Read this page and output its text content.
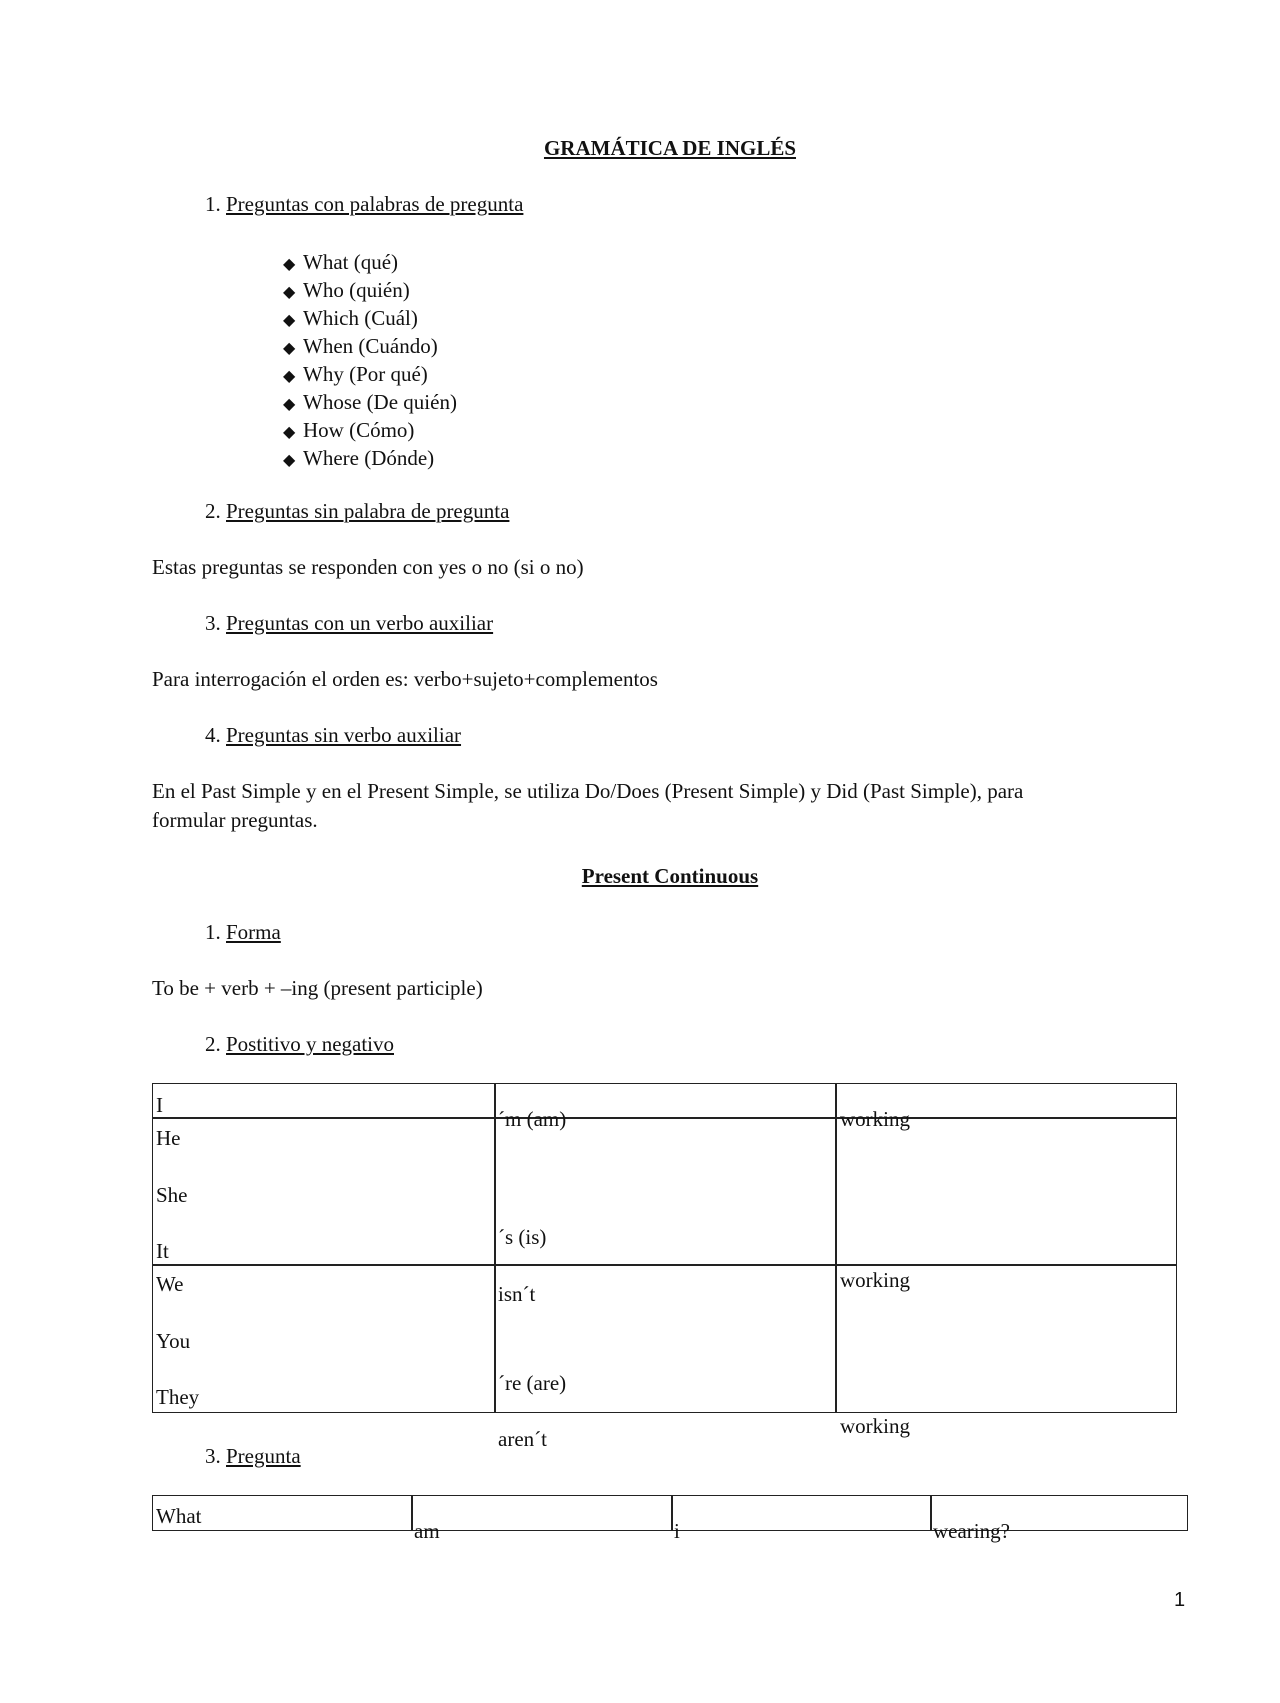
GRAMÁTICA DE INGLÉS
1. Preguntas con palabras de pregunta
◆ What (qué)
◆ Who (quién)
◆ Which (Cuál)
◆ When (Cuándo)
◆ Why (Por qué)
◆ Whose (De quién)
◆ How (Cómo)
◆ Where (Dónde)
2. Preguntas sin palabra de pregunta
Estas preguntas se responden con yes o no (si o no)
3. Preguntas con un verbo auxiliar
Para interrogación el orden es: verbo+sujeto+complementos
4. Preguntas sin verbo auxiliar
En el Past Simple y en el Present Simple, se utiliza Do/Does (Present Simple) y Did (Past Simple), para
formular preguntas.
Present Continuous
1. Forma
To be + verb + –ing (present participle)
2. Postitivo y negativo
I
He
She
It
We
You
They
´m (am)
´s (is)
isn´t
´re (are)
aren´t
working
working
working
3. Pregunta
What
am	i	wearing?
1
